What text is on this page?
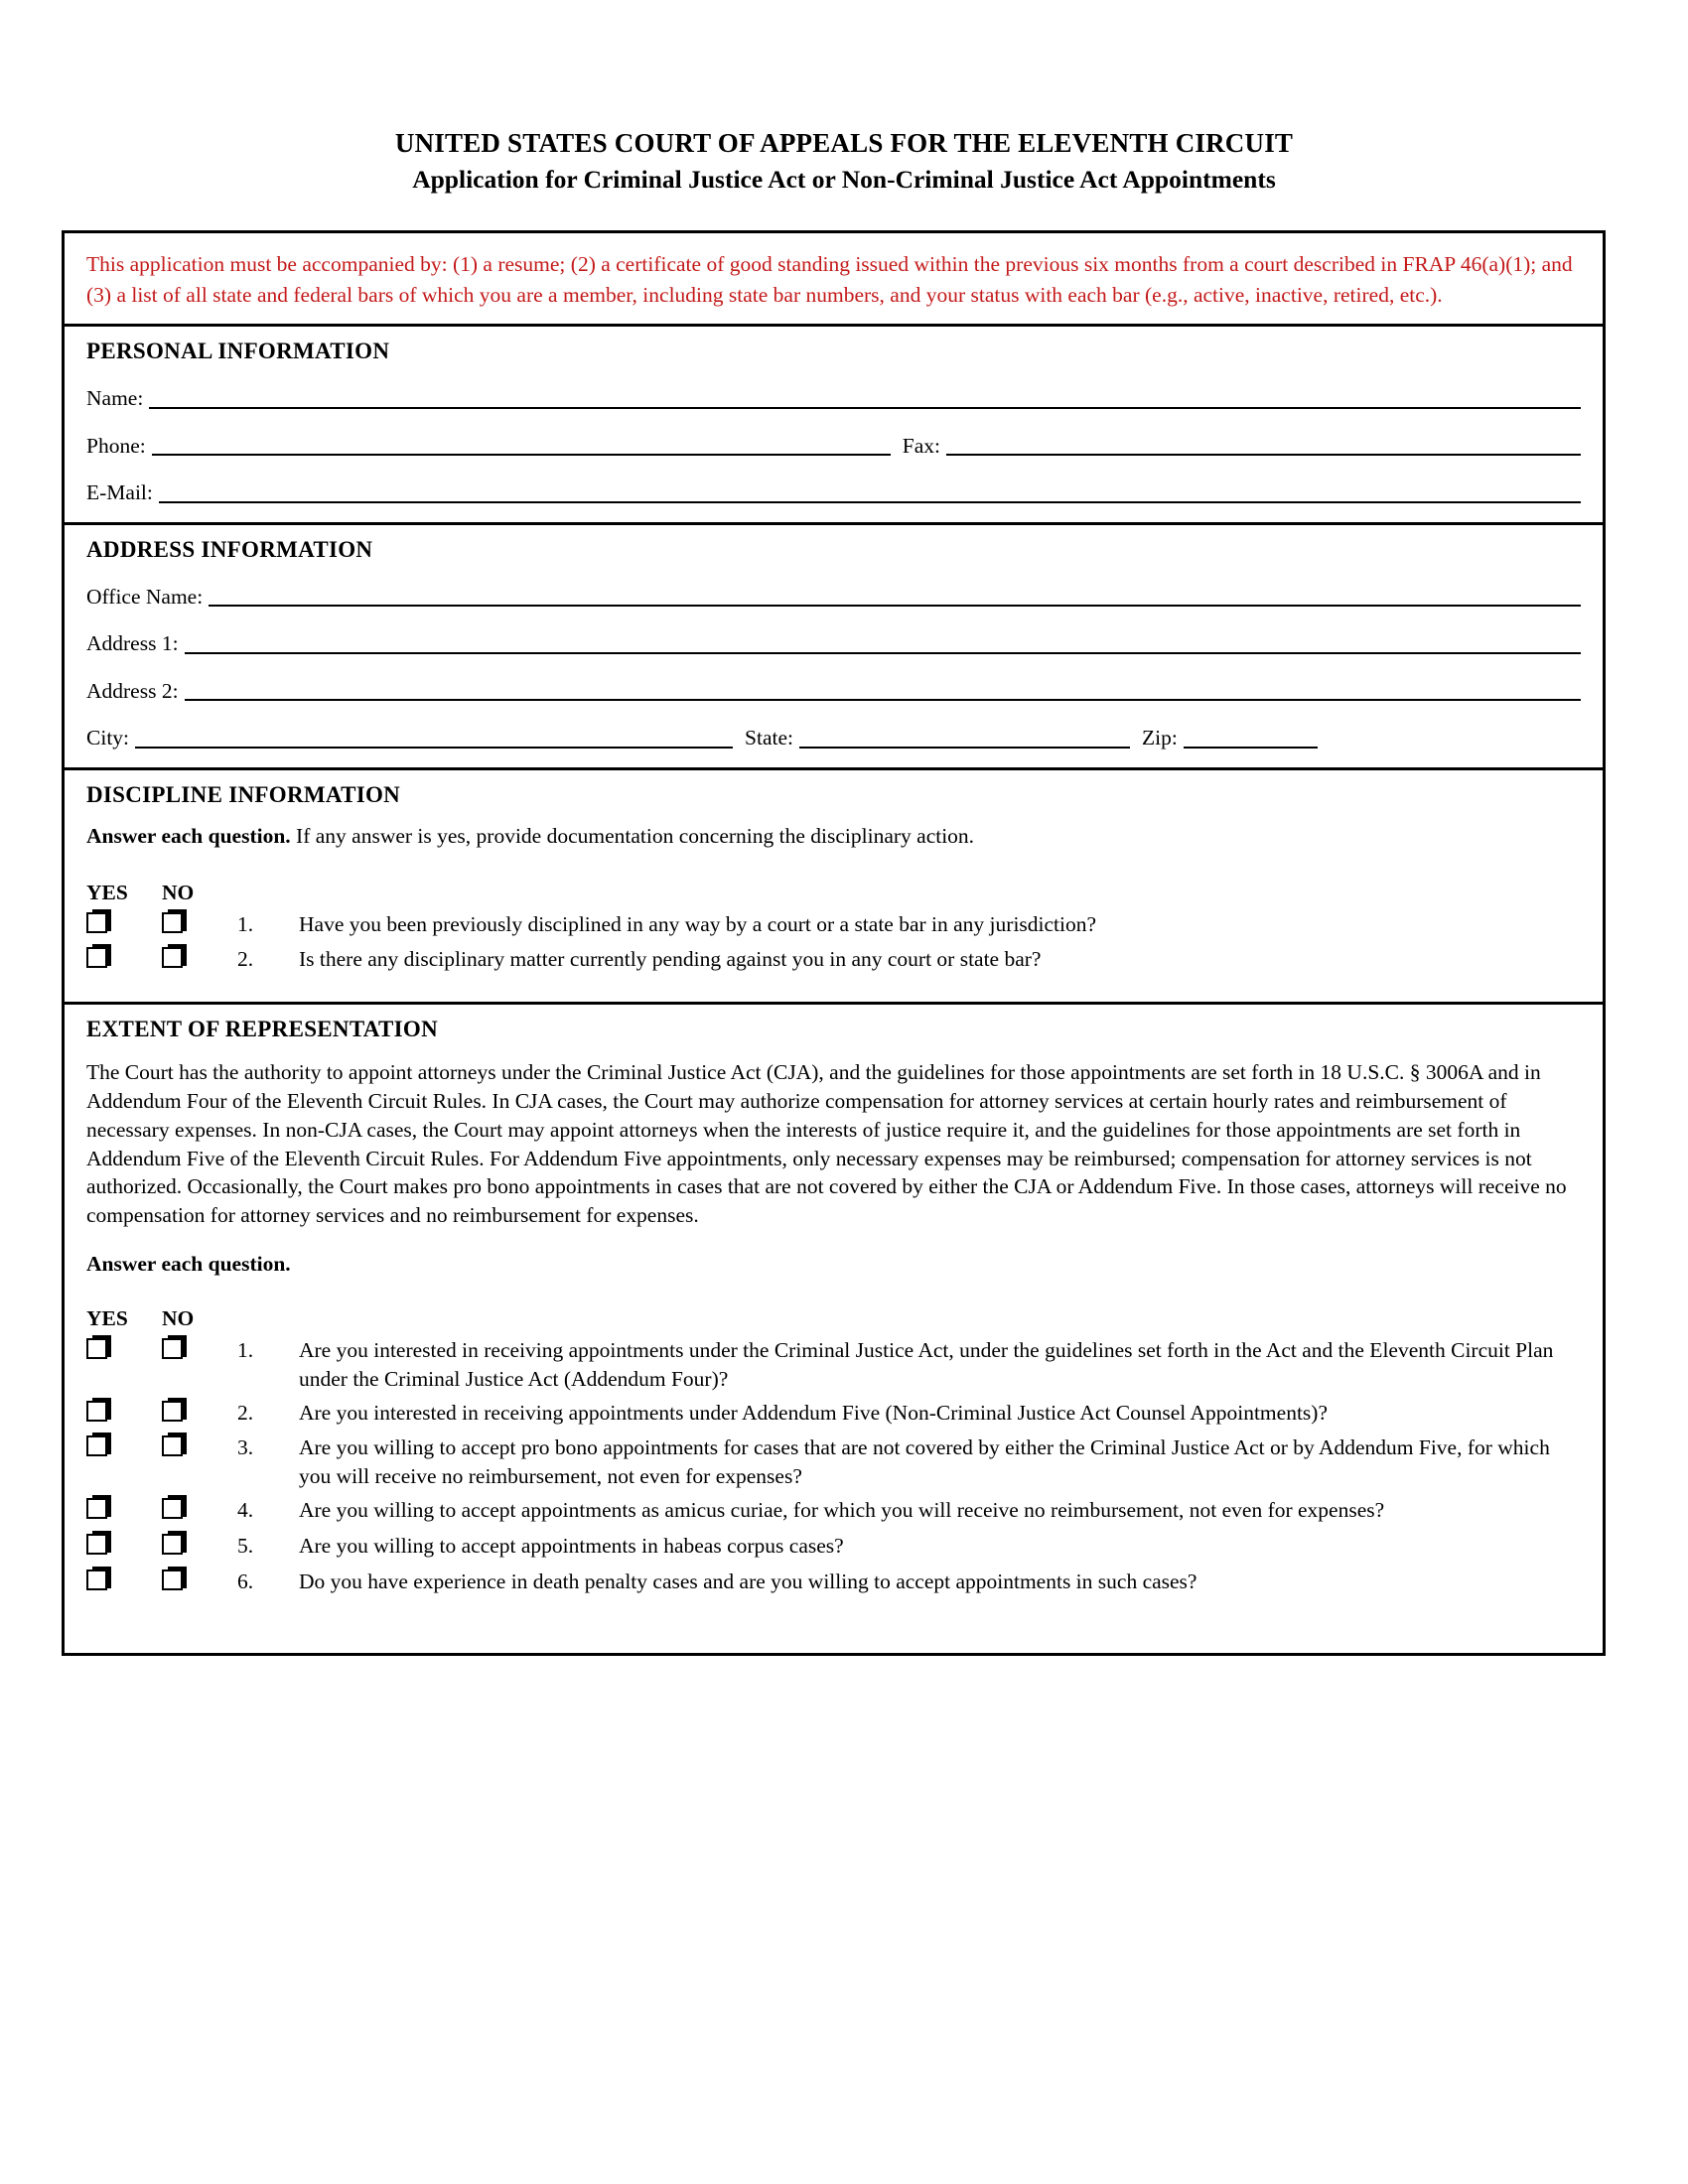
UNITED STATES COURT OF APPEALS FOR THE ELEVENTH CIRCUIT
Application for Criminal Justice Act or Non-Criminal Justice Act Appointments
This application must be accompanied by: (1) a resume; (2) a certificate of good standing issued within the previous six months from a court described in FRAP 46(a)(1); and (3) a list of all state and federal bars of which you are a member, including state bar numbers, and your status with each bar (e.g., active, inactive, retired, etc.).
PERSONAL INFORMATION
Name:
Phone:	Fax:
E-Mail:
ADDRESS INFORMATION
Office Name:
Address 1:
Address 2:
City:	State:	Zip:
DISCIPLINE INFORMATION
Answer each question. If any answer is yes, provide documentation concerning the disciplinary action.
YES	NO
1.	Have you been previously disciplined in any way by a court or a state bar in any jurisdiction?
2.	Is there any disciplinary matter currently pending against you in any court or state bar?
EXTENT OF REPRESENTATION
The Court has the authority to appoint attorneys under the Criminal Justice Act (CJA), and the guidelines for those appointments are set forth in 18 U.S.C. § 3006A and in Addendum Four of the Eleventh Circuit Rules. In CJA cases, the Court may authorize compensation for attorney services at certain hourly rates and reimbursement of necessary expenses. In non-CJA cases, the Court may appoint attorneys when the interests of justice require it, and the guidelines for those appointments are set forth in Addendum Five of the Eleventh Circuit Rules. For Addendum Five appointments, only necessary expenses may be reimbursed; compensation for attorney services is not authorized. Occasionally, the Court makes pro bono appointments in cases that are not covered by either the CJA or Addendum Five. In those cases, attorneys will receive no compensation for attorney services and no reimbursement for expenses.
Answer each question.
YES	NO
1.	Are you interested in receiving appointments under the Criminal Justice Act, under the guidelines set forth in the Act and the Eleventh Circuit Plan under the Criminal Justice Act (Addendum Four)?
2.	Are you interested in receiving appointments under Addendum Five (Non-Criminal Justice Act Counsel Appointments)?
3.	Are you willing to accept pro bono appointments for cases that are not covered by either the Criminal Justice Act or by Addendum Five, for which you will receive no reimbursement, not even for expenses?
4.	Are you willing to accept appointments as amicus curiae, for which you will receive no reimbursement, not even for expenses?
5.	Are you willing to accept appointments in habeas corpus cases?
6.	Do you have experience in death penalty cases and are you willing to accept appointments in such cases?
